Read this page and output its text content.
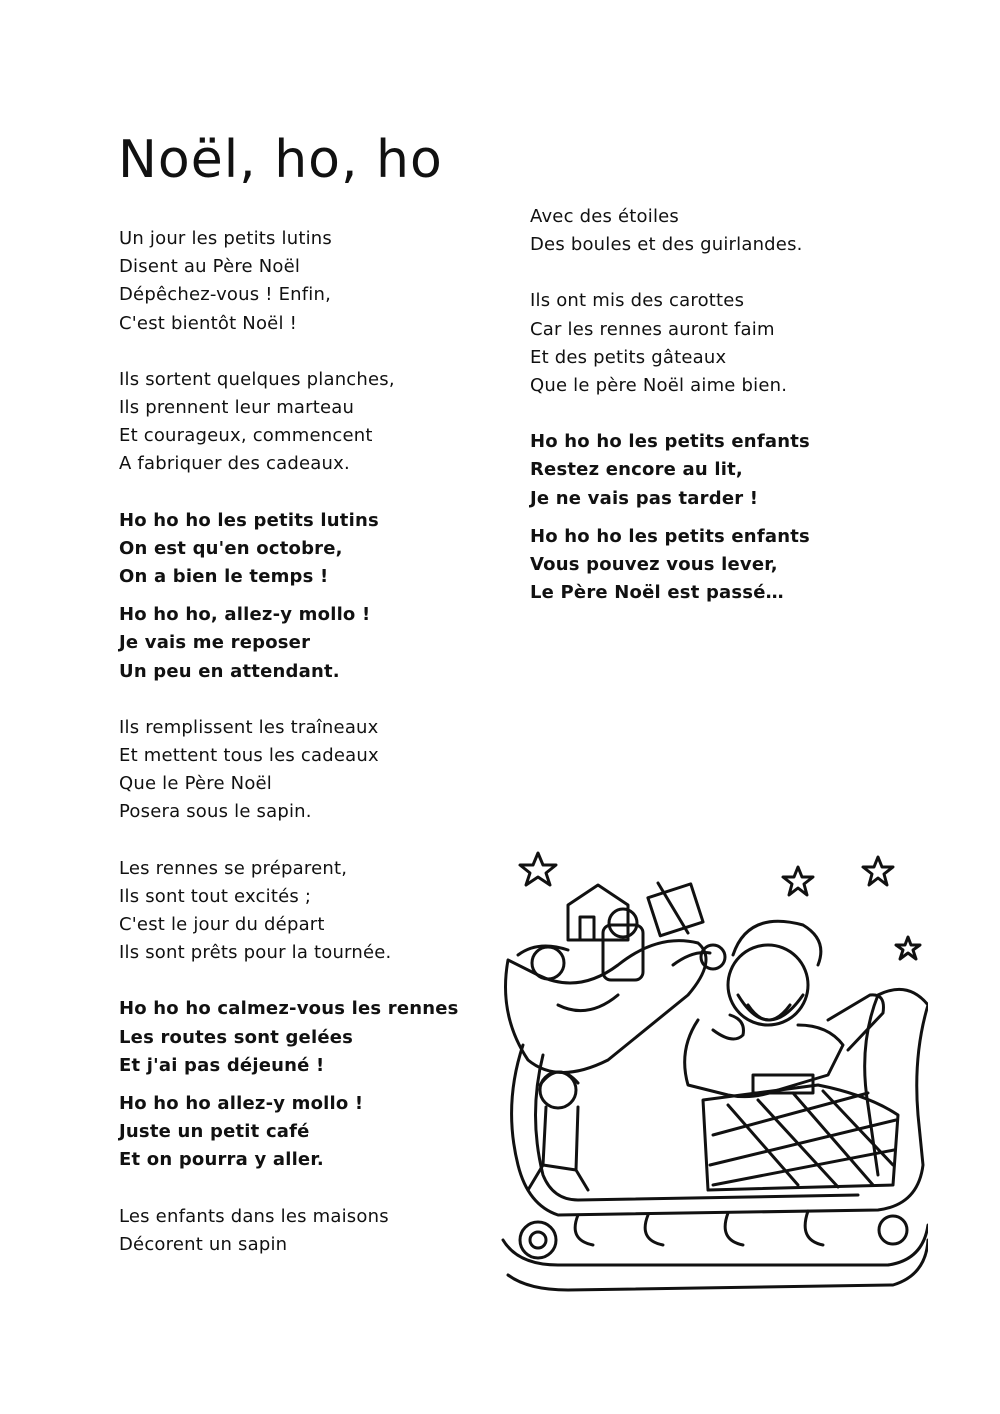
Noël, ho, ho
Un jour les petits lutins
Disent au Père Noël
Dépêchez-vous ! Enfin,
C'est bientôt Noël !
Ils sortent quelques planches,
Ils prennent leur marteau
Et courageux, commencent
A fabriquer des cadeaux.
Ho ho ho les petits lutins
On est qu'en octobre,
On a bien le temps !
Ho ho ho, allez-y mollo !
Je vais me reposer
Un peu en attendant.
Ils remplissent les traîneaux
Et mettent tous les cadeaux
Que le Père Noël
Posera sous le sapin.
Les rennes se préparent,
Ils sont tout excités ;
C'est le jour du départ
Ils sont prêts pour la tournée.
Ho ho ho calmez-vous les rennes
Les routes sont gelées
Et j'ai pas déjeuné !
Ho ho ho allez-y mollo !
Juste un petit café
Et on pourra y aller.
Les enfants dans les maisons
Décorent un sapin
Avec des étoiles
Des boules et des guirlandes.
Ils ont mis des carottes
Car les rennes auront faim
Et des petits gâteaux
Que le père Noël aime bien.
Ho ho ho les petits enfants
Restez encore au lit,
Je ne vais pas tarder !
Ho ho ho les petits enfants
Vous pouvez vous lever,
Le Père Noël est passé…
